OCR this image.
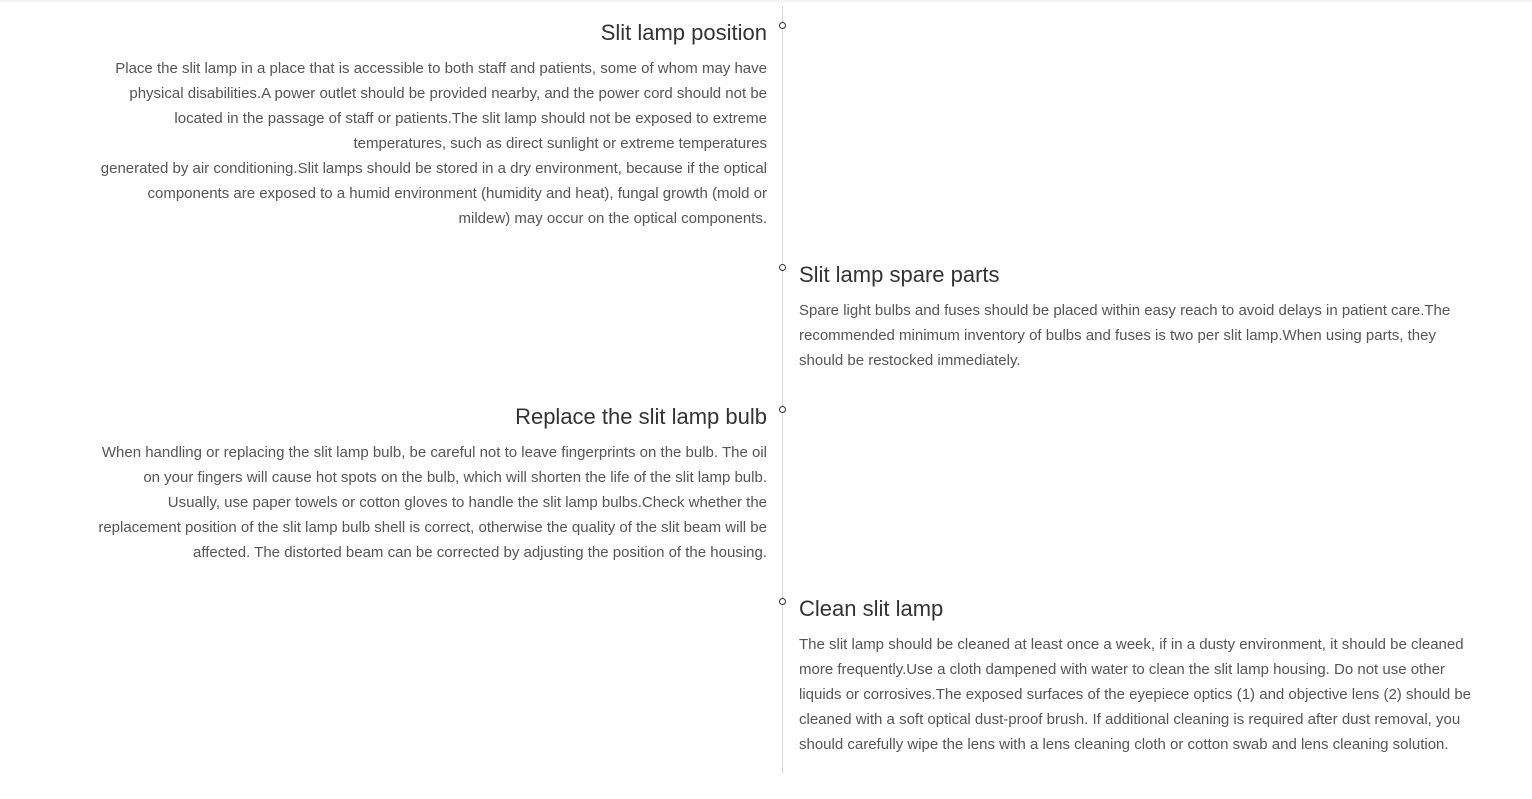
Slit lamp position

Place the slit lamp in a place that is accessible to both staff and patients, some of whom may have
physical disabilities.A power outlet should be provided nearby, and the power cord should not be
located in the passage of staff or patients.The slit lamp should not be exposed to extreme
temperatures, such as direct sunlight or extreme temperatures
generated by air conditioning.Slit lamps should be stored in a dry environment, because if the optical
components are exposed to a humid environment (humidity and heat), fungal growth (mold or
mildew) may occur on the optical components.

Slit lamp spare parts

Spare light bulbs and fuses should be placed within easy reach to avoid delays in patient care.The
recommended minimum inventory of bulbs and fuses is two per slit lamp.When using parts, they
should be restocked immediately.

Replace the slit lamp bulb

When handling or replacing the slit lamp bulb, be careful not to leave fingerprints on the bulb. The oil
on your fingers will cause hot spots on the bulb, which will shorten the life of the slit lamp bulb.
Usually, use paper towels or cotton gloves to handle the slit lamp bulbs.Check whether the
replacement position of the slit lamp bulb shell is correct, otherwise the quality of the slit beam will be
affected. The distorted beam can be corrected by adjusting the position of the housing.

Clean slit lamp

The slit lamp should be cleaned at least once a week, if in a dusty environment, it should be cleaned
more frequently.Use a cloth dampened with water to clean the slit lamp housing. Do not use other
liquids or corrosives.The exposed surfaces of the eyepiece optics (1) and objective lens (2) should be
cleaned with a soft optical dust-proof brush. If additional cleaning is required after dust removal, you
should carefully wipe the lens with a lens cleaning cloth or cotton swab and lens cleaning solution.
